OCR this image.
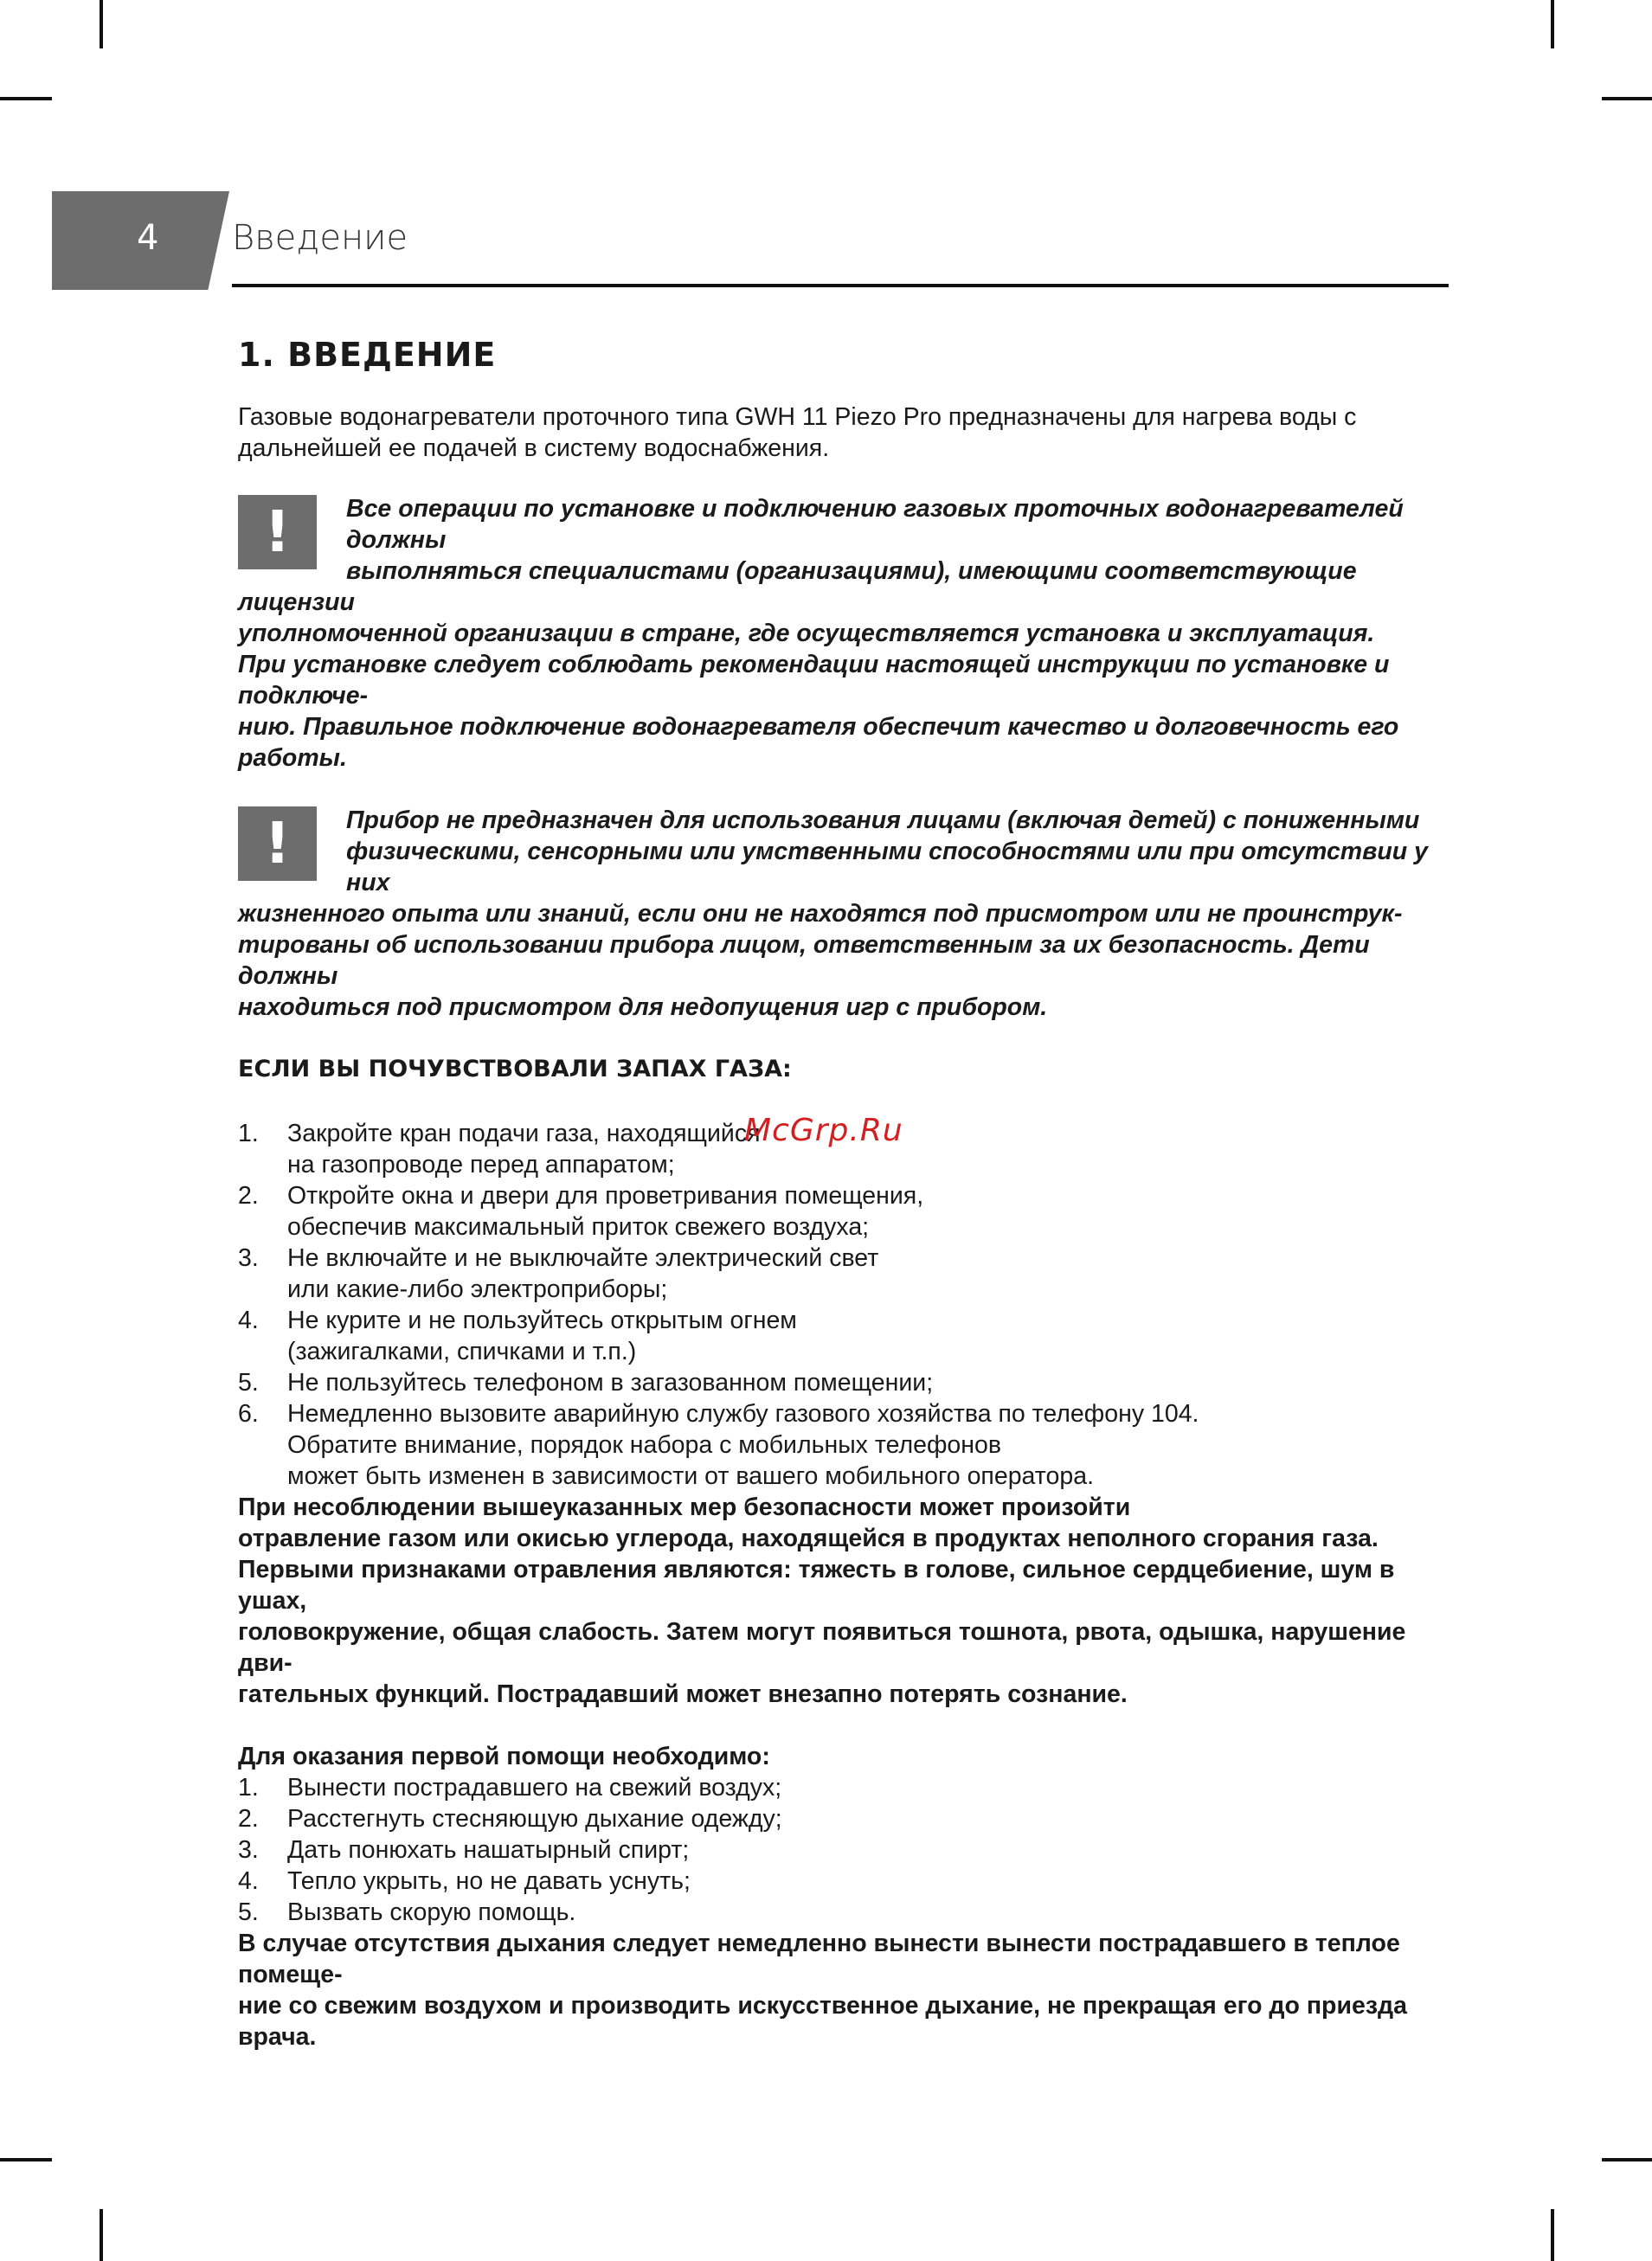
4 Введение
1. ВВЕДЕНИЕ

Газовые водонагреватели проточного типа GWH 11 Piezo Pro предназначены для нагрева воды с дальнейшей ее подачей в систему водоснабжения.

!	Все операции по установке и подключению газовых проточных водонагревателей должны
выполняться специалистами (организациями), имеющими соответствующие лицензии
уполномоченной организации в стране, где осуществляется установка и эксплуатация.
При установке следует соблюдать рекомендации настоящей инструкции по установке и подключе-
нию. Правильное подключение водонагревателя обеспечит качество и долговечность его работы.
!	Прибор не предназначен для использования лицами (включая детей) с пониженными
физическими, сенсорными или умственными способностями или при отсутствии у них
жизненного опыта или знаний, если они не находятся под присмотром или не проинструк-
тированы об использовании прибора лицом, ответственным за их безопасность. Дети должны
находиться под присмотром для недопущения игр с прибором.
ЕСЛИ ВЫ ПОЧУВСТВОВАЛИ ЗАПАХ ГАЗА:
1. Закройте кран подачи газа, находящийся
на газопроводе перед аппаратом;
2. Откройте окна и двери для проветривания помещения,
обеспечив максимальный приток свежего воздуха;
3. Не включайте и не выключайте электрический свет
или какие-либо электроприборы;
4. Не курите и не пользуйтесь открытым огнем
(зажигалками, спичками и т.п.)
5. Не пользуйтесь телефоном в загазованном помещении;
6. Немедленно вызовите аварийную службу газового хозяйства по телефону 104.
Обратите внимание, порядок набора с мобильных телефонов
может быть изменен в зависимости от вашего мобильного оператора.
При несоблюдении вышеуказанных мер безопасности может произойти
отравление газом или окисью углерода, находящейся в продуктах неполного сгорания газа.
Первыми признаками отравления являются: тяжесть в голове, сильное сердцебиение, шум в ушах,
головокружение, общая слабость. Затем могут появиться тошнота, рвота, одышка, нарушение дви-
гательных функций. Пострадавший может внезапно потерять сознание.
Для оказания первой помощи необходимо:
1. Вынести пострадавшего на свежий воздух;
2. Расстегнуть стесняющую дыхание одежду;
3. Дать понюхать нашатырный спирт;
4. Тепло укрыть, но не давать уснуть;
5. Вызвать скорую помощь.
В случае отсутствия дыхания следует немедленно вынести вынести пострадавшего в теплое помеще-
ние со свежим воздухом и производить искусственное дыхание, не прекращая его до приезда врача.
McGrp.Ru
